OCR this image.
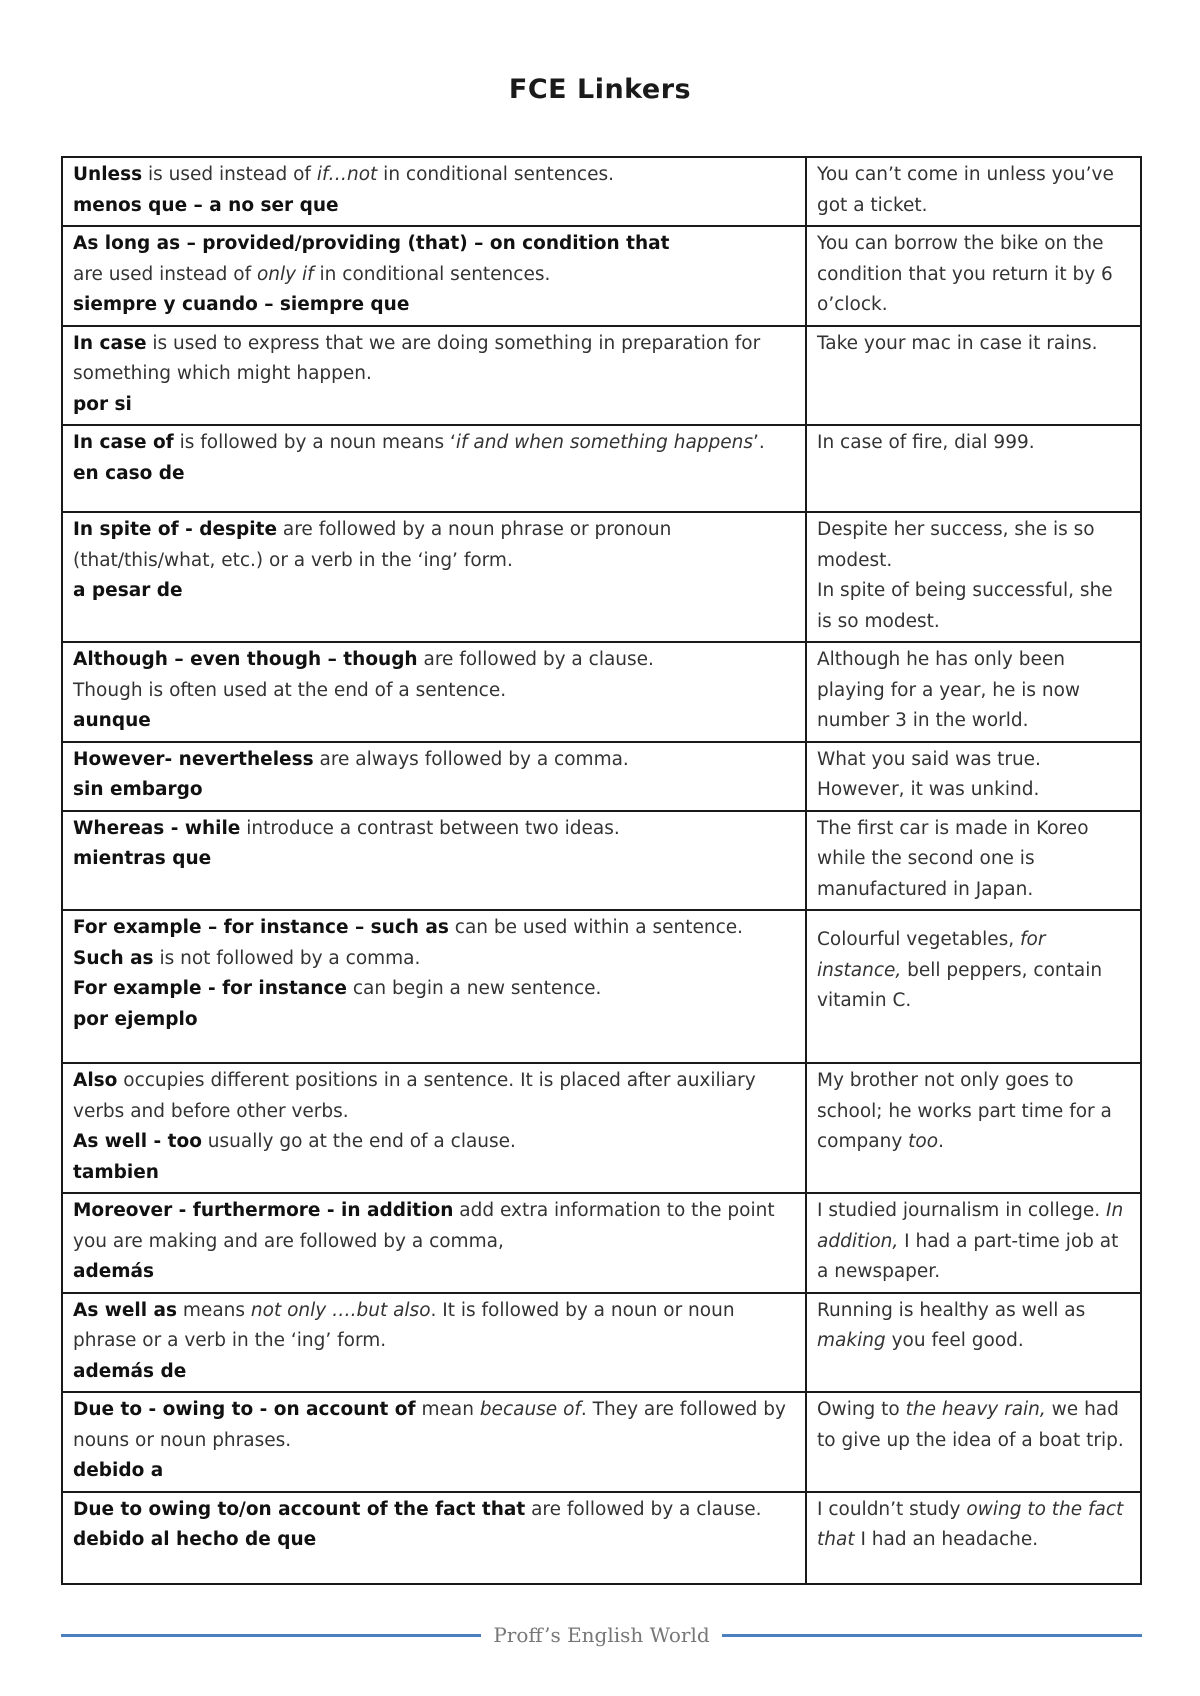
FCE Linkers
Unless is used instead of if…not in conditional sentences.
menos que – a no ser que	You can’t come in unless you’ve got a ticket.

As long as – provided/providing (that) – on condition that
are used instead of only if in conditional sentences.
siempre y cuando – siempre que	You can borrow the bike on the condition that you return it by 6 o’clock.

In case is used to express that we are doing something in preparation for something which might happen.
por si	Take your mac in case it rains.

In case of is followed by a noun means ‘if and when something happens’.
en caso de	In case of fire, dial 999.

In spite of - despite are followed by a noun phrase or pronoun (that/this/what, etc.) or a verb in the ‘ing’ form.
a pesar de	Despite her success, she is so modest.
In spite of being successful, she is so modest.

Although – even though – though are followed by a clause.
Though is often used at the end of a sentence.
aunque	Although he has only been playing for a year, he is now number 3 in the world.

However- nevertheless are always followed by a comma.
sin embargo	What you said was true. However, it was unkind.

Whereas - while introduce a contrast between two ideas.
mientras que	The first car is made in Koreo while the second one is manufactured in Japan.

For example – for instance – such as can be used within a sentence.
Such as is not followed by a comma.
For example - for instance can begin a new sentence.
por ejemplo	Colourful vegetables, for instance, bell peppers, contain vitamin C.

Also occupies different positions in a sentence. It is placed after auxiliary verbs and before other verbs.
As well - too usually go at the end of a clause.
tambien	My brother not only goes to school; he works part time for a company too.

Moreover - furthermore - in addition add extra information to the point you are making and are followed by a comma,
además	I studied journalism in college. In addition, I had a part-time job at a newspaper.

As well as means not only ….but also. It is followed by a noun or noun phrase or a verb in the ‘ing’ form.
además de	Running is healthy as well as making you feel good.

Due to - owing to - on account of mean because of. They are followed by nouns or noun phrases.
debido a	Owing to the heavy rain, we had to give up the idea of a boat trip.

Due to owing to/on account of the fact that are followed by a clause.
debido al hecho de que	I couldn’t study owing to the fact that I had an headache.
Proff’s English World
